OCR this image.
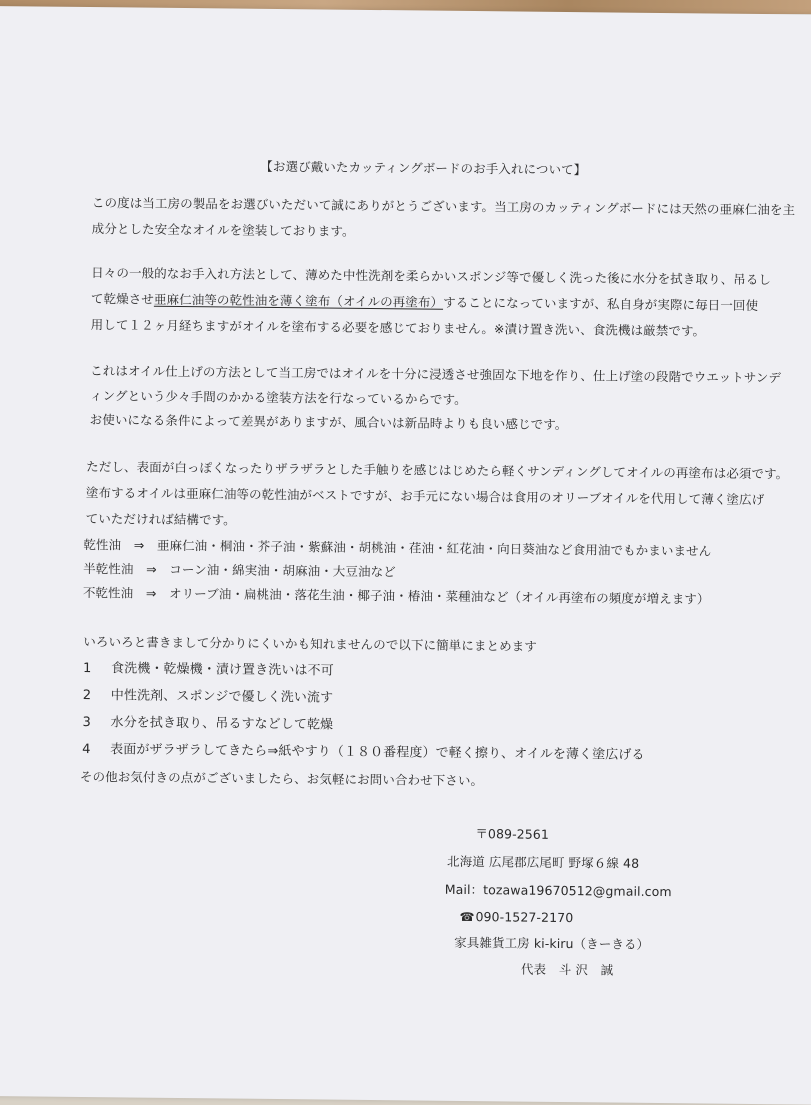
【お選び戴いたカッティングボードのお手入れについて】
この度は当工房の製品をお選びいただいて誠にありがとうございます。当工房のカッティングボードには天然の亜麻仁油を主
成分とした安全なオイルを塗装しております。
日々の一般的なお手入れ方法として、薄めた中性洗剤を柔らかいスポンジ等で優しく洗った後に水分を拭き取り、吊るし
て乾燥させ亜麻仁油等の乾性油を薄く塗布（オイルの再塗布）することになっていますが、私自身が実際に毎日一回使
用して１２ヶ月経ちますがオイルを塗布する必要を感じておりません。※漬け置き洗い、食洗機は厳禁です。
これはオイル仕上げの方法として当工房ではオイルを十分に浸透させ強固な下地を作り、仕上げ塗の段階でウエットサンデ
ィングという少々手間のかかる塗装方法を行なっているからです。
お使いになる条件によって差異がありますが、風合いは新品時よりも良い感じです。
ただし、表面が白っぽくなったりザラザラとした手触りを感じはじめたら軽くサンディングしてオイルの再塗布は必須です。
塗布するオイルは亜麻仁油等の乾性油がベストですが、お手元にない場合は食用のオリーブオイルを代用して薄く塗広げ
ていただければ結構です。
乾性油　⇒　亜麻仁油・桐油・芥子油・紫蘇油・胡桃油・荏油・紅花油・向日葵油など食用油でもかまいません
半乾性油　⇒　コーン油・綿実油・胡麻油・大豆油など
不乾性油　⇒　オリーブ油・扁桃油・落花生油・椰子油・椿油・菜種油など（オイル再塗布の頻度が増えます）
いろいろと書きまして分かりにくいかも知れませんので以下に簡単にまとめます
1 食洗機・乾燥機・漬け置き洗いは不可
2 中性洗剤、スポンジで優しく洗い流す
3 水分を拭き取り、吊るすなどして乾燥
4 表面がザラザラしてきたら⇒紙やすり（１８０番程度）で軽く擦り、オイルを薄く塗広げる
その他お気付きの点がございましたら、お気軽にお問い合わせ下さい。
〒089-2561
北海道 広尾郡広尾町 野塚６線 48
Mail：tozawa19670512@gmail.com
☎090-1527-2170
家具雑貨工房 ki-kiru（きーきる）
代表　斗 沢　誠
